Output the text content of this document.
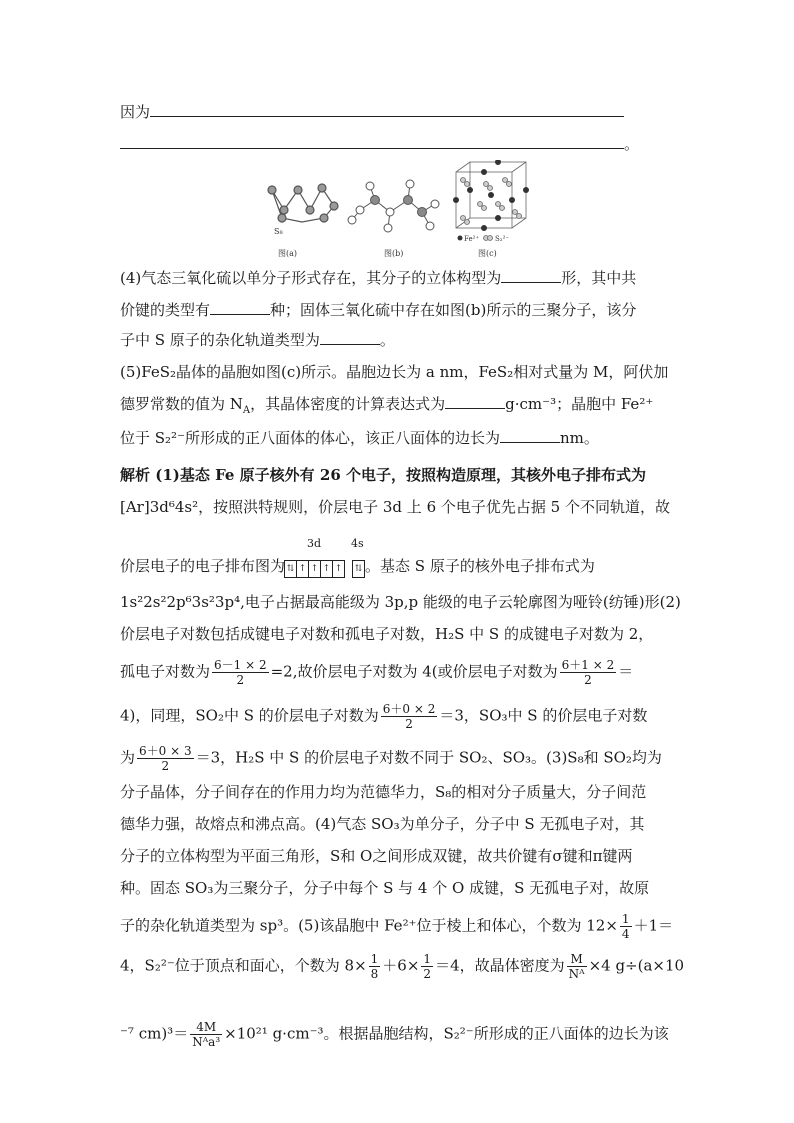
因为
。
Fe²⁺ S₂²⁻
S₈
图(a)	图(b)	图(c)
(4)气态三氧化硫以单分子形式存在，其分子的立体构型为	形，其中共
价键的类型有	种；固体三氧化硫中存在如图(b)所示的三聚分子，该分
子中 S 原子的杂化轨道类型为	。
(5)FeS₂晶体的晶胞如图(c)所示。晶胞边长为 a nm，FeS₂相对式量为 M，阿伏加
德罗常数的值为 $N_A$，其晶体密度的计算表达式为	g·cm⁻³；晶胞中 Fe²⁺
位于 S₂²⁻所形成的正八面体的体心，该正八面体的边长为	nm。
解析 (1)基态 Fe 原子核外有 26 个电子，按照构造原理，其核外电子排布式为
[Ar]3d⁶4s²，按照洪特规则，价层电子 3d 上 6 个电子优先占据 5 个不同轨道，故
价层电子的电子排布图为
3d
⇅ ↑ ↑ ↑ ↑
4s
⇅ 。基态 S 原子的核外电子排布式为
1s²2s²2p⁶3s²3p⁴,电子占据最高能级为 3p,p 能级的电子云轮廓图为哑铃(纺锤)形(2)
价层电子对数包括成键电子对数和孤电子对数，H₂S 中 S 的成键电子对数为 2，
孤电子对数为 $\frac{6-1 \times 2}{2} =2$,故价层电子对数为 4(或价层电子对数为 $\frac{6+1 \times 2}{2}$ ＝
4)，同理，SO₂中 S 的价层电子对数为 $\frac{6+0 \times 2}{2} =3$，SO₃中 S 的价层电子对数
为 $\frac{6+0 \times 3}{2} =3$，H₂S 中 S 的价层电子对数不同于 SO₂、SO₃。(3)S₈和 SO₂均为
分子晶体，分子间存在的作用力均为范德华力，S₈的相对分子质量大，分子间范
德华力强，故熔点和沸点高。(4)气态 SO₃为单分子，分子中 S 无孤电子对，其
分子的立体构型为平面三角形，S和 O之间形成双键，故共价键有σ键和π键两
种。固态 SO₃为三聚分子，分子中每个 S 与 4 个 O 成键，S 无孤电子对，故原
子的杂化轨道类型为 sp³。(5)该晶胞中 Fe²⁺位于棱上和体心，个数为 $12\times \frac{1}{4} +1=$
4，S₂²⁻位于顶点和面心，个数为 $8\times \frac{1}{8} +6\times \frac{1}{2} =4$，故晶体密度为 $\frac{M}{\text{Nᴬ}} \times 4$ g÷(a×10
⁻⁷ $cm)^3= \frac{4M}{\text{Nᴬa³}} \times 10^{21}$ g·cm⁻³。根据晶胞结构，S₂²⁻所形成的正八面体的边长为该
